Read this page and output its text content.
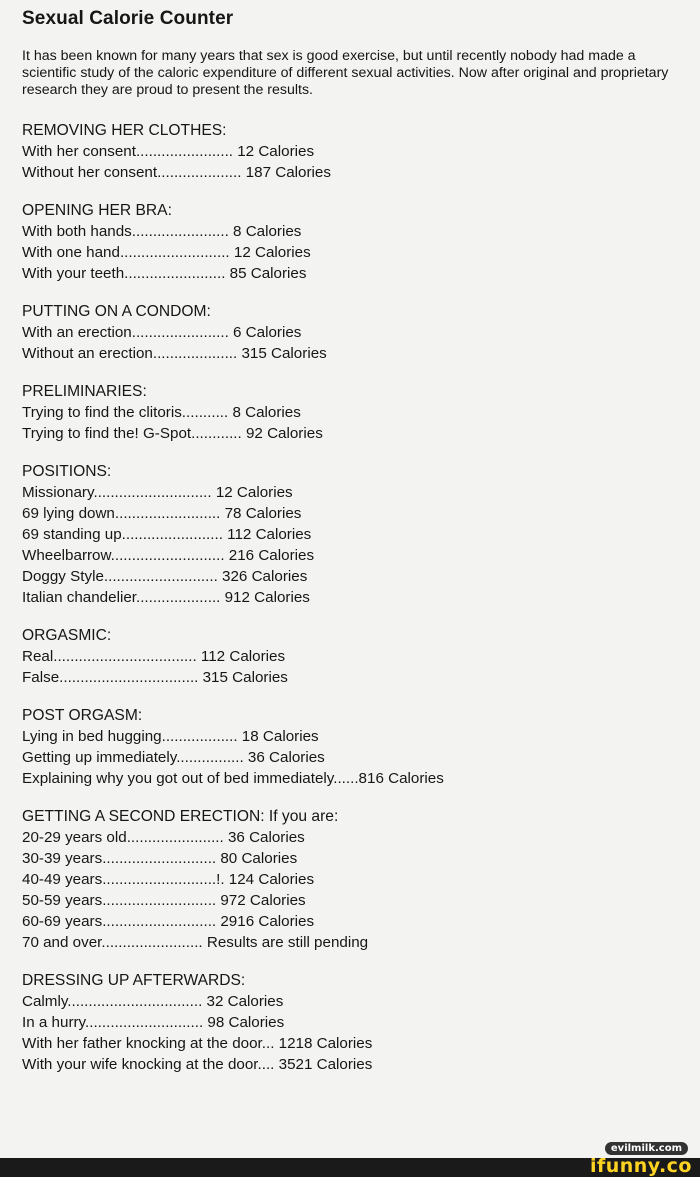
Sexual Calorie Counter
It has been known for many years that sex is good exercise, but until recently nobody had made a scientific study of the caloric expenditure of different sexual activities. Now after original and proprietary research they are proud to present the results.
REMOVING HER CLOTHES:
With her consent....................... 12 Calories
Without her consent.................... 187 Calories
OPENING HER BRA:
With both hands....................... 8 Calories
With one hand.......................... 12 Calories
With your teeth........................ 85 Calories
PUTTING ON A CONDOM:
With an erection....................... 6 Calories
Without an erection.................... 315 Calories
PRELIMINARIES:
Trying to find the clitoris........... 8 Calories
Trying to find the! G-Spot............ 92 Calories
POSITIONS:
Missionary............................ 12 Calories
69 lying down......................... 78 Calories
69 standing up........................ 112 Calories
Wheelbarrow........................... 216 Calories
Doggy Style........................... 326 Calories
Italian chandelier.................... 912 Calories
ORGASMIC:
Real.................................. 112 Calories
False................................. 315 Calories
POST ORGASM:
Lying in bed hugging.................. 18 Calories
Getting up immediately................ 36 Calories
Explaining why you got out of bed immediately......816 Calories
GETTING A SECOND ERECTION: If you are:
20-29 years old....................... 36 Calories
30-39 years........................... 80 Calories
40-49 years...........................!. 124 Calories
50-59 years........................... 972 Calories
60-69 years........................... 2916 Calories
70 and over........................ Results are still pending
DRESSING UP AFTERWARDS:
Calmly................................ 32 Calories
In a hurry............................ 98 Calories
With her father knocking at the door... 1218 Calories
With your wife knocking at the door.... 3521 Calories
evilmilk.com
ifunny.co
